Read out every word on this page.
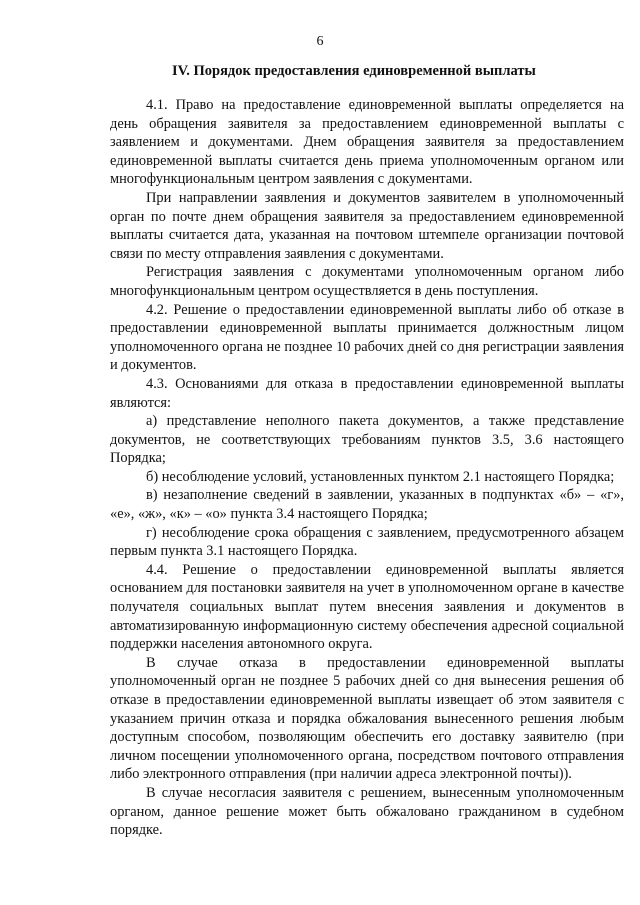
6
IV. Порядок предоставления единовременной выплаты

4.1. Право на предоставление единовременной выплаты определяется на день обращения заявителя за предоставлением единовременной выплаты с заявлением и документами. Днем обращения заявителя за предоставлением единовременной выплаты считается день приема уполномоченным органом или многофункциональным центром заявления с документами.

При направлении заявления и документов заявителем в уполномоченный орган по почте днем обращения заявителя за предоставлением единовременной выплаты считается дата, указанная на почтовом штемпеле организации почтовой связи по месту отправления заявления с документами.

Регистрация заявления с документами уполномоченным органом либо многофункциональным центром осуществляется в день поступления.

4.2. Решение о предоставлении единовременной выплаты либо об отказе в предоставлении единовременной выплаты принимается должностным лицом уполномоченного органа не позднее 10 рабочих дней со дня регистрации заявления и документов.

4.3. Основаниями для отказа в предоставлении единовременной выплаты являются:

а) представление неполного пакета документов, а также представление документов, не соответствующих требованиям пунктов 3.5, 3.6 настоящего Порядка;

б) несоблюдение условий, установленных пунктом 2.1 настоящего Порядка;

в) незаполнение сведений в заявлении, указанных в подпунктах «б» – «г», «е», «ж», «к» – «о» пункта 3.4 настоящего Порядка;

г) несоблюдение срока обращения с заявлением, предусмотренного абзацем первым пункта 3.1 настоящего Порядка.

4.4. Решение о предоставлении единовременной выплаты является основанием для постановки заявителя на учет в уполномоченном органе в качестве получателя социальных выплат путем внесения заявления и документов в автоматизированную информационную систему обеспечения адресной социальной поддержки населения автономного округа.

В случае отказа в предоставлении единовременной выплаты уполномоченный орган не позднее 5 рабочих дней со дня вынесения решения об отказе в предоставлении единовременной выплаты извещает об этом заявителя с указанием причин отказа и порядка обжалования вынесенного решения любым доступным способом, позволяющим обеспечить его доставку заявителю (при личном посещении уполномоченного органа, посредством почтового отправления либо электронного отправления (при наличии адреса электронной почты)).

В случае несогласия заявителя с решением, вынесенным уполномоченным органом, данное решение может быть обжаловано гражданином в судебном порядке.
